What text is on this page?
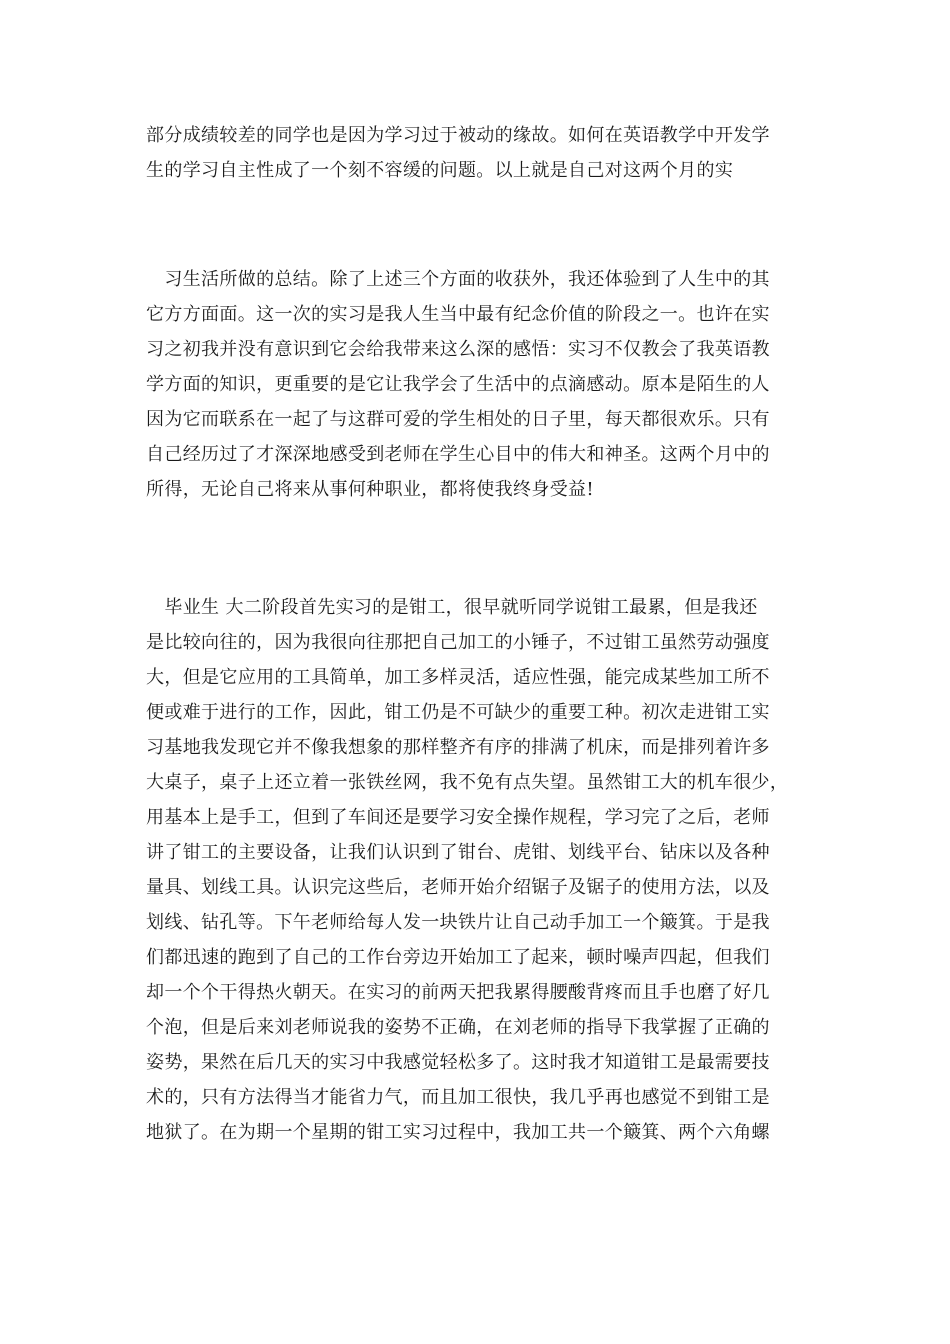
部分成绩较差的同学也是因为学习过于被动的缘故。如何在英语教学中开发学
生的学习自主性成了一个刻不容缓的问题。以上就是自己对这两个月的实
　习生活所做的总结。除了上述三个方面的收获外，我还体验到了人生中的其
它方方面面。这一次的实习是我人生当中最有纪念价值的阶段之一。也许在实
习之初我并没有意识到它会给我带来这么深的感悟：实习不仅教会了我英语教
学方面的知识，更重要的是它让我学会了生活中的点滴感动。原本是陌生的人
因为它而联系在一起了与这群可爱的学生相处的日子里，每天都很欢乐。只有
自己经历过了才深深地感受到老师在学生心目中的伟大和神圣。这两个月中的
所得，无论自己将来从事何种职业，都将使我终身受益!
　毕业生 大二阶段首先实习的是钳工，很早就听同学说钳工最累，但是我还
是比较向往的，因为我很向往那把自己加工的小锤子，不过钳工虽然劳动强度
大，但是它应用的工具简单，加工多样灵活，适应性强，能完成某些加工所不
便或难于进行的工作，因此，钳工仍是不可缺少的重要工种。初次走进钳工实
习基地我发现它并不像我想象的那样整齐有序的排满了机床，而是排列着许多
大桌子，桌子上还立着一张铁丝网，我不免有点失望。虽然钳工大的机车很少，
用基本上是手工，但到了车间还是要学习安全操作规程，学习完了之后，老师
讲了钳工的主要设备，让我们认识到了钳台、虎钳、划线平台、钻床以及各种
量具、划线工具。认识完这些后，老师开始介绍锯子及锯子的使用方法，以及
划线、钻孔等。下午老师给每人发一块铁片让自己动手加工一个簸箕。于是我
们都迅速的跑到了自己的工作台旁边开始加工了起来，顿时噪声四起，但我们
却一个个干得热火朝天。在实习的前两天把我累得腰酸背疼而且手也磨了好几
个泡，但是后来刘老师说我的姿势不正确，在刘老师的指导下我掌握了正确的
姿势，果然在后几天的实习中我感觉轻松多了。这时我才知道钳工是最需要技
术的，只有方法得当才能省力气，而且加工很快，我几乎再也感觉不到钳工是
地狱了。在为期一个星期的钳工实习过程中，我加工共一个簸箕、两个六角螺
